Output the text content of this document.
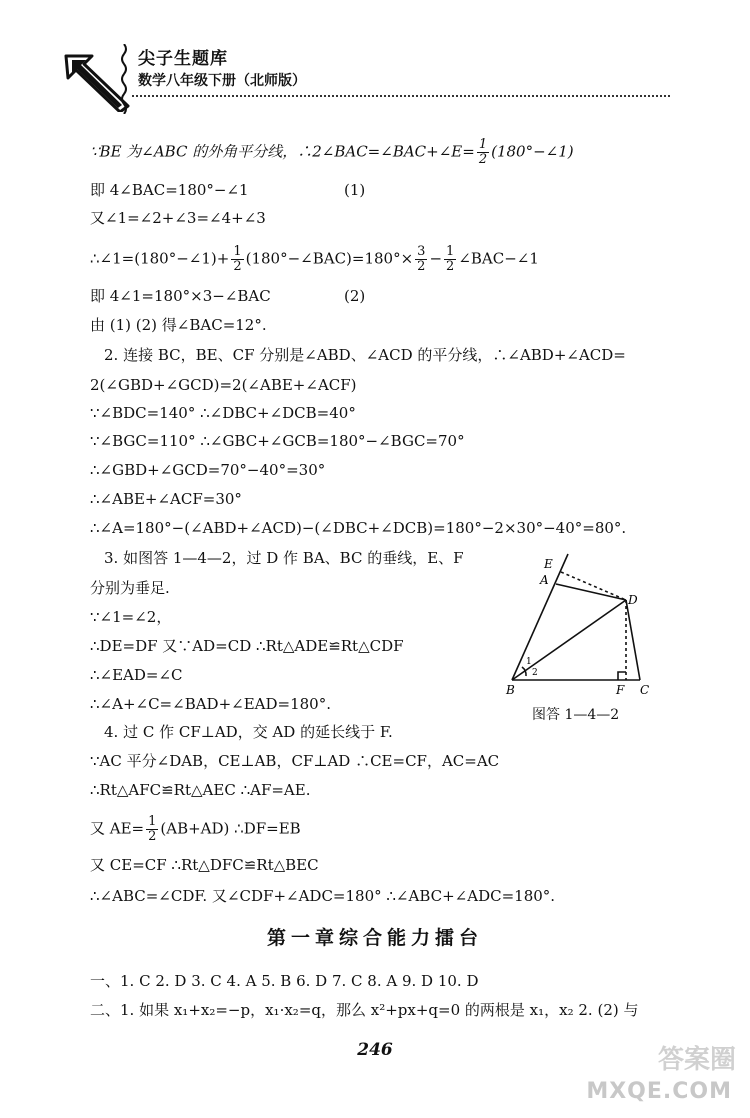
尖子生题库
数学八年级下册（北师版）
∵BE 为∠ABC 的外角平分线，∴2∠BAC=∠BAC+∠E= $\frac{1}{2}$ (180°−∠1)
即 4∠BAC=180°−∠1	(1)
又∠1=∠2+∠3=∠4+∠3
∴∠1=(180°−∠1)+ $\frac{1}{2}$ (180°−∠BAC)=180°× $\frac{3}{2} - \frac{1}{2}$ ∠BAC−∠1
即 4∠1=180°×3−∠BAC	(2)
由 (1) (2) 得∠BAC=12°.
2. 连接 BC，BE、CF 分别是∠ABD、∠ACD 的平分线，∴∠ABD+∠ACD=
2(∠GBD+∠GCD)=2(∠ABE+∠ACF)
∵∠BDC=140° ∴∠DBC+∠DCB=40°
∵∠BGC=110° ∴∠GBC+∠GCB=180°−∠BGC=70°
∴∠GBD+∠GCD=70°−40°=30°
∴∠ABE+∠ACF=30°
∴∠A=180°−(∠ABD+∠ACD)−(∠DBC+∠DCB)=180°−2×30°−40°=80°.
3. 如图答 1—4—2，过 D 作 BA、BC 的垂线，E、F
分别为垂足.
∵∠1=∠2，
∴DE=DF 又∵AD=CD ∴Rt△ADE≌Rt△CDF
∴∠EAD=∠C
∴∠A+∠C=∠BAD+∠EAD=180°.
4. 过 C 作 CF⊥AD，交 AD 的延长线于 F.
∵AC 平分∠DAB，CE⊥AB，CF⊥AD ∴CE=CF，AC=AC
∴Rt△AFC≌Rt△AEC ∴AF=AE.
又 $AE= \frac{1}{2} (AB+AD)$ ∴DF=EB
又 CE=CF ∴Rt△DFC≌Rt△BEC
∴∠ABC=∠CDF. 又∠CDF+∠ADC=180° ∴∠ABC+∠ADC=180°.
第一章综合能力擂台
一、1. C 2. D 3. C 4. A 5. B 6. D 7. C 8. A 9. D 10. D
二、1. 如果 x₁+x₂=−p，x₁·x₂=q，那么 x²+px+q=0 的两根是 x₁，x₂ 2. (2) 与
246
E
A
D
B	F C
1
2
图答 1—4—2
答案圈
MXQE.COM
